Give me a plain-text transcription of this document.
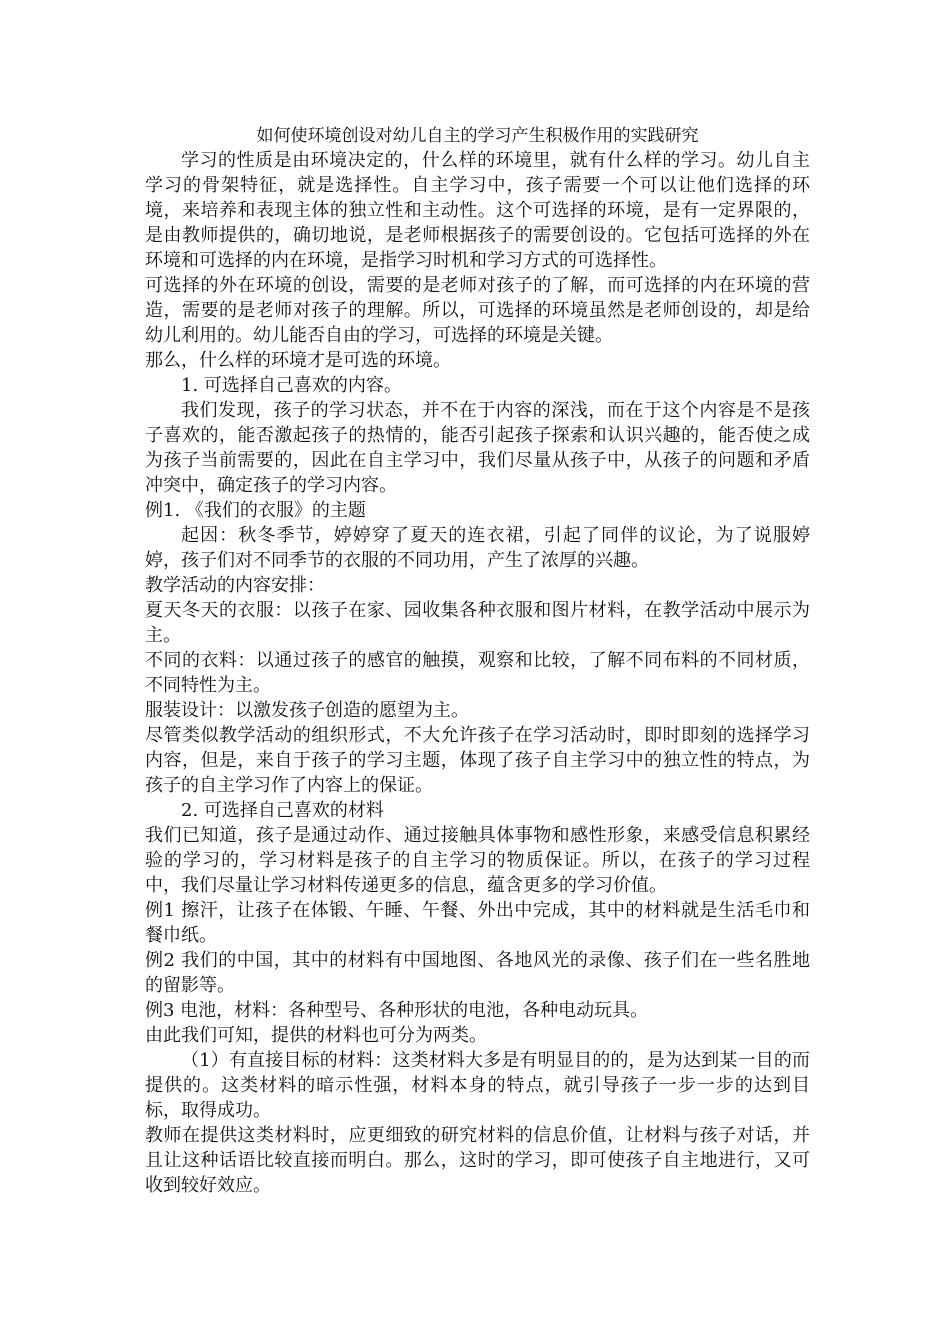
如何使环境创设对幼儿自主的学习产生积极作用的实践研究

学习的性质是由环境决定的，什么样的环境里，就有什么样的学习。幼儿自主学习的骨架特征，就是选择性。自主学习中，孩子需要一个可以让他们选择的环境，来培养和表现主体的独立性和主动性。这个可选择的环境，是有一定界限的，是由教师提供的，确切地说，是老师根据孩子的需要创设的。它包括可选择的外在环境和可选择的内在环境，是指学习时机和学习方式的可选择性。

可选择的外在环境的创设，需要的是老师对孩子的了解，而可选择的内在环境的营造，需要的是老师对孩子的理解。所以，可选择的环境虽然是老师创设的，却是给幼儿利用的。幼儿能否自由的学习，可选择的环境是关键。

那么，什么样的环境才是可选的环境。

1. 可选择自己喜欢的内容。

我们发现，孩子的学习状态，并不在于内容的深浅，而在于这个内容是不是孩子喜欢的，能否激起孩子的热情的，能否引起孩子探索和认识兴趣的，能否使之成为孩子当前需要的，因此在自主学习中，我们尽量从孩子中，从孩子的问题和矛盾冲突中，确定孩子的学习内容。

例1. 《我们的衣服》的主题

起因：秋冬季节，婷婷穿了夏天的连衣裙，引起了同伴的议论，为了说服婷婷，孩子们对不同季节的衣服的不同功用，产生了浓厚的兴趣。

教学活动的内容安排：

夏天冬天的衣服：以孩子在家、园收集各种衣服和图片材料，在教学活动中展示为主。

不同的衣料：以通过孩子的感官的触摸，观察和比较，了解不同布料的不同材质，不同特性为主。

服装设计：以激发孩子创造的愿望为主。

尽管类似教学活动的组织形式，不大允许孩子在学习活动时，即时即刻的选择学习内容，但是，来自于孩子的学习主题，体现了孩子自主学习中的独立性的特点，为孩子的自主学习作了内容上的保证。

2. 可选择自己喜欢的材料

我们已知道，孩子是通过动作、通过接触具体事物和感性形象，来感受信息积累经验的学习的，学习材料是孩子的自主学习的物质保证。所以，在孩子的学习过程中，我们尽量让学习材料传递更多的信息，蕴含更多的学习价值。

例1 擦汗，让孩子在体锻、午睡、午餐、外出中完成，其中的材料就是生活毛巾和餐巾纸。

例2 我们的中国，其中的材料有中国地图、各地风光的录像、孩子们在一些名胜地的留影等。

例3 电池，材料：各种型号、各种形状的电池，各种电动玩具。

由此我们可知，提供的材料也可分为两类。

（1）有直接目标的材料：这类材料大多是有明显目的的，是为达到某一目的而提供的。这类材料的暗示性强，材料本身的特点，就引导孩子一步一步的达到目标，取得成功。

教师在提供这类材料时，应更细致的研究材料的信息价值，让材料与孩子对话，并且让这种话语比较直接而明白。那么，这时的学习，即可使孩子自主地进行，又可收到较好效应。
